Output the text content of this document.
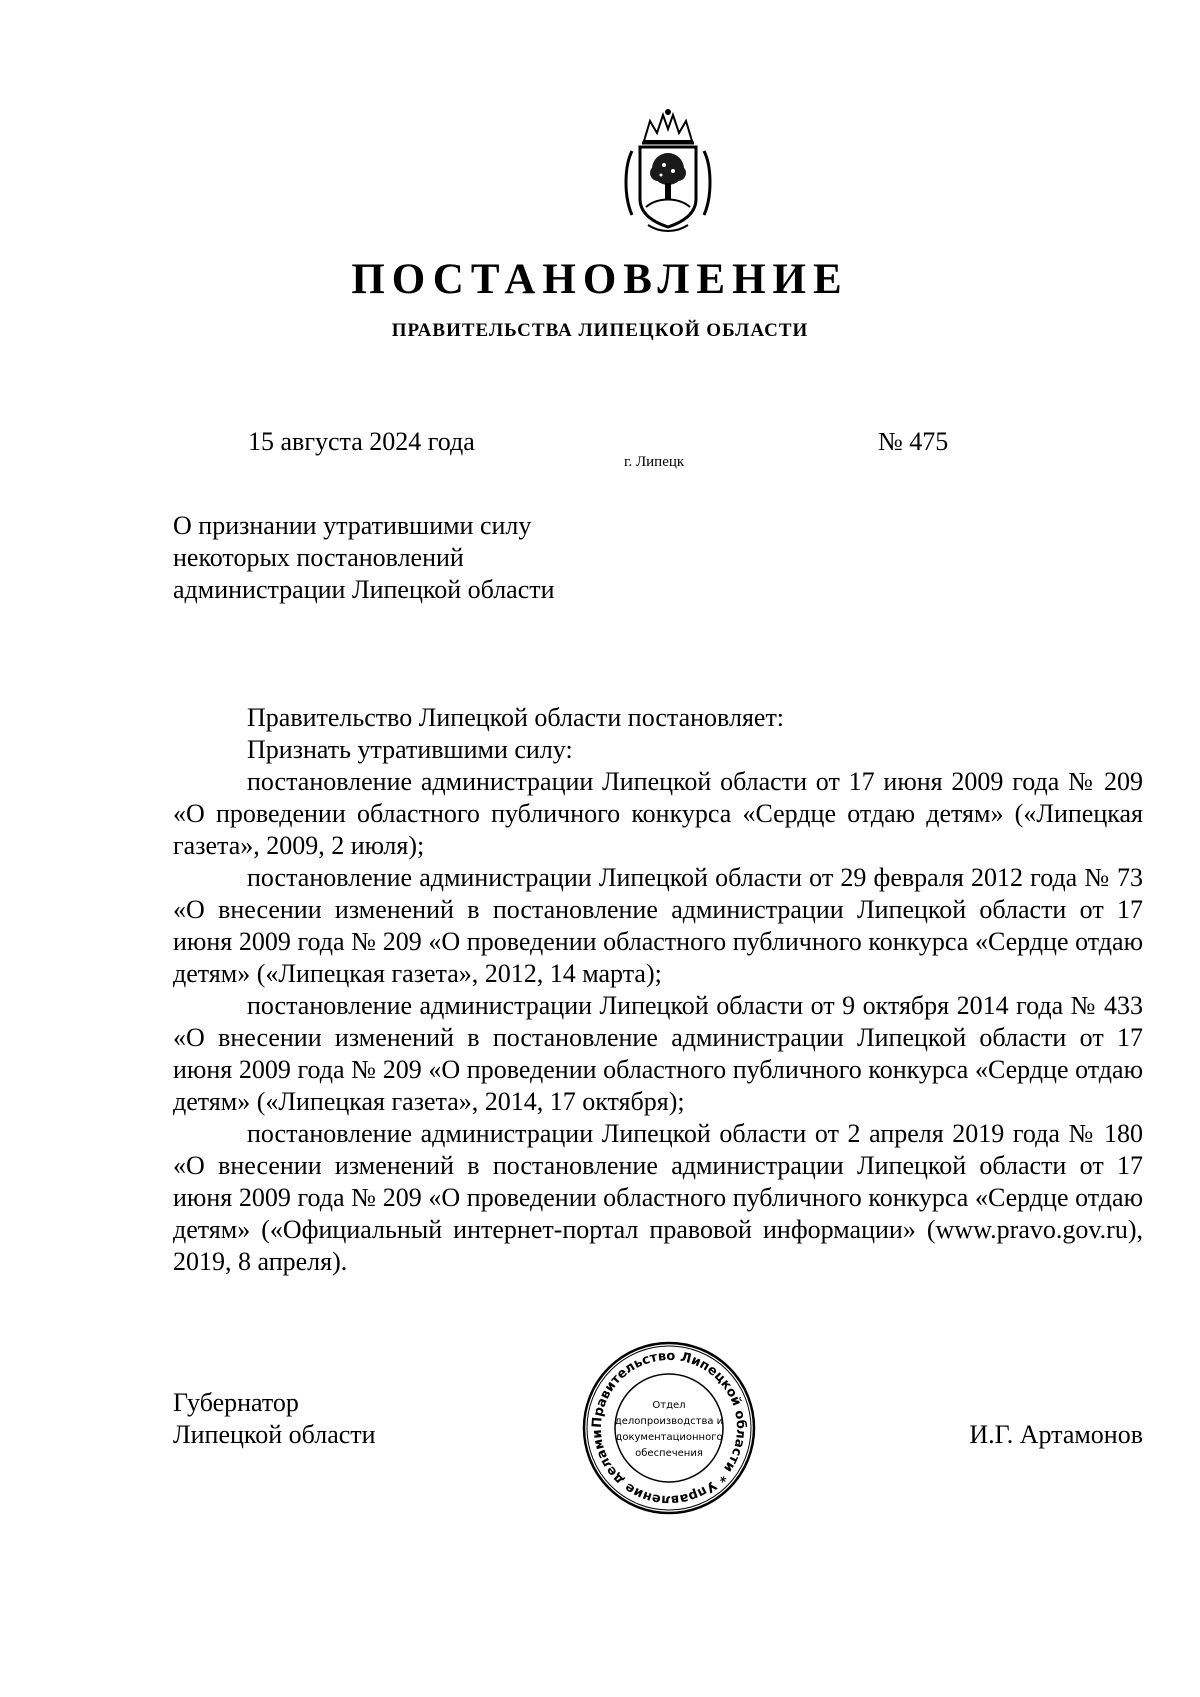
ПОСТАНОВЛЕНИЕ
ПРАВИТЕЛЬСТВА ЛИПЕЦКОЙ ОБЛАСТИ
15 августа 2024 года
г. Липецк
№ 475
О признании утратившими силу
некоторых постановлений
администрации Липецкой области

Правительство Липецкой области постановляет:

Признать утратившими силу:

постановление администрации Липецкой области от 17 июня 2009 года № 209 «О проведении областного публичного конкурса «Сердце отдаю детям» («Липецкая газета», 2009, 2 июля);

постановление администрации Липецкой области от 29 февраля 2012 года № 73 «О внесении изменений в постановление администрации Липецкой области от 17 июня 2009 года № 209 «О проведении областного публичного конкурса «Сердце отдаю детям» («Липецкая газета», 2012, 14 марта);

постановление администрации Липецкой области от 9 октября 2014 года № 433 «О внесении изменений в постановление администрации Липецкой области от 17 июня 2009 года № 209 «О проведении областного публичного конкурса «Сердце отдаю детям» («Липецкая газета», 2014, 17 октября);

постановление администрации Липецкой области от 2 апреля 2019 года № 180 «О внесении изменений в постановление администрации Липецкой области от 17 июня 2009 года № 209 «О проведении областного публичного конкурса «Сердце отдаю детям» («Официальный интернет-портал правовой информации» (www.pravo.gov.ru), 2019, 8 апреля).

Губернатор
Липецкой области	Правительство Липецкой области * Управление делами
Отдел
делопроизводства и
документационного
обеспечения
И.Г. Артамонов
